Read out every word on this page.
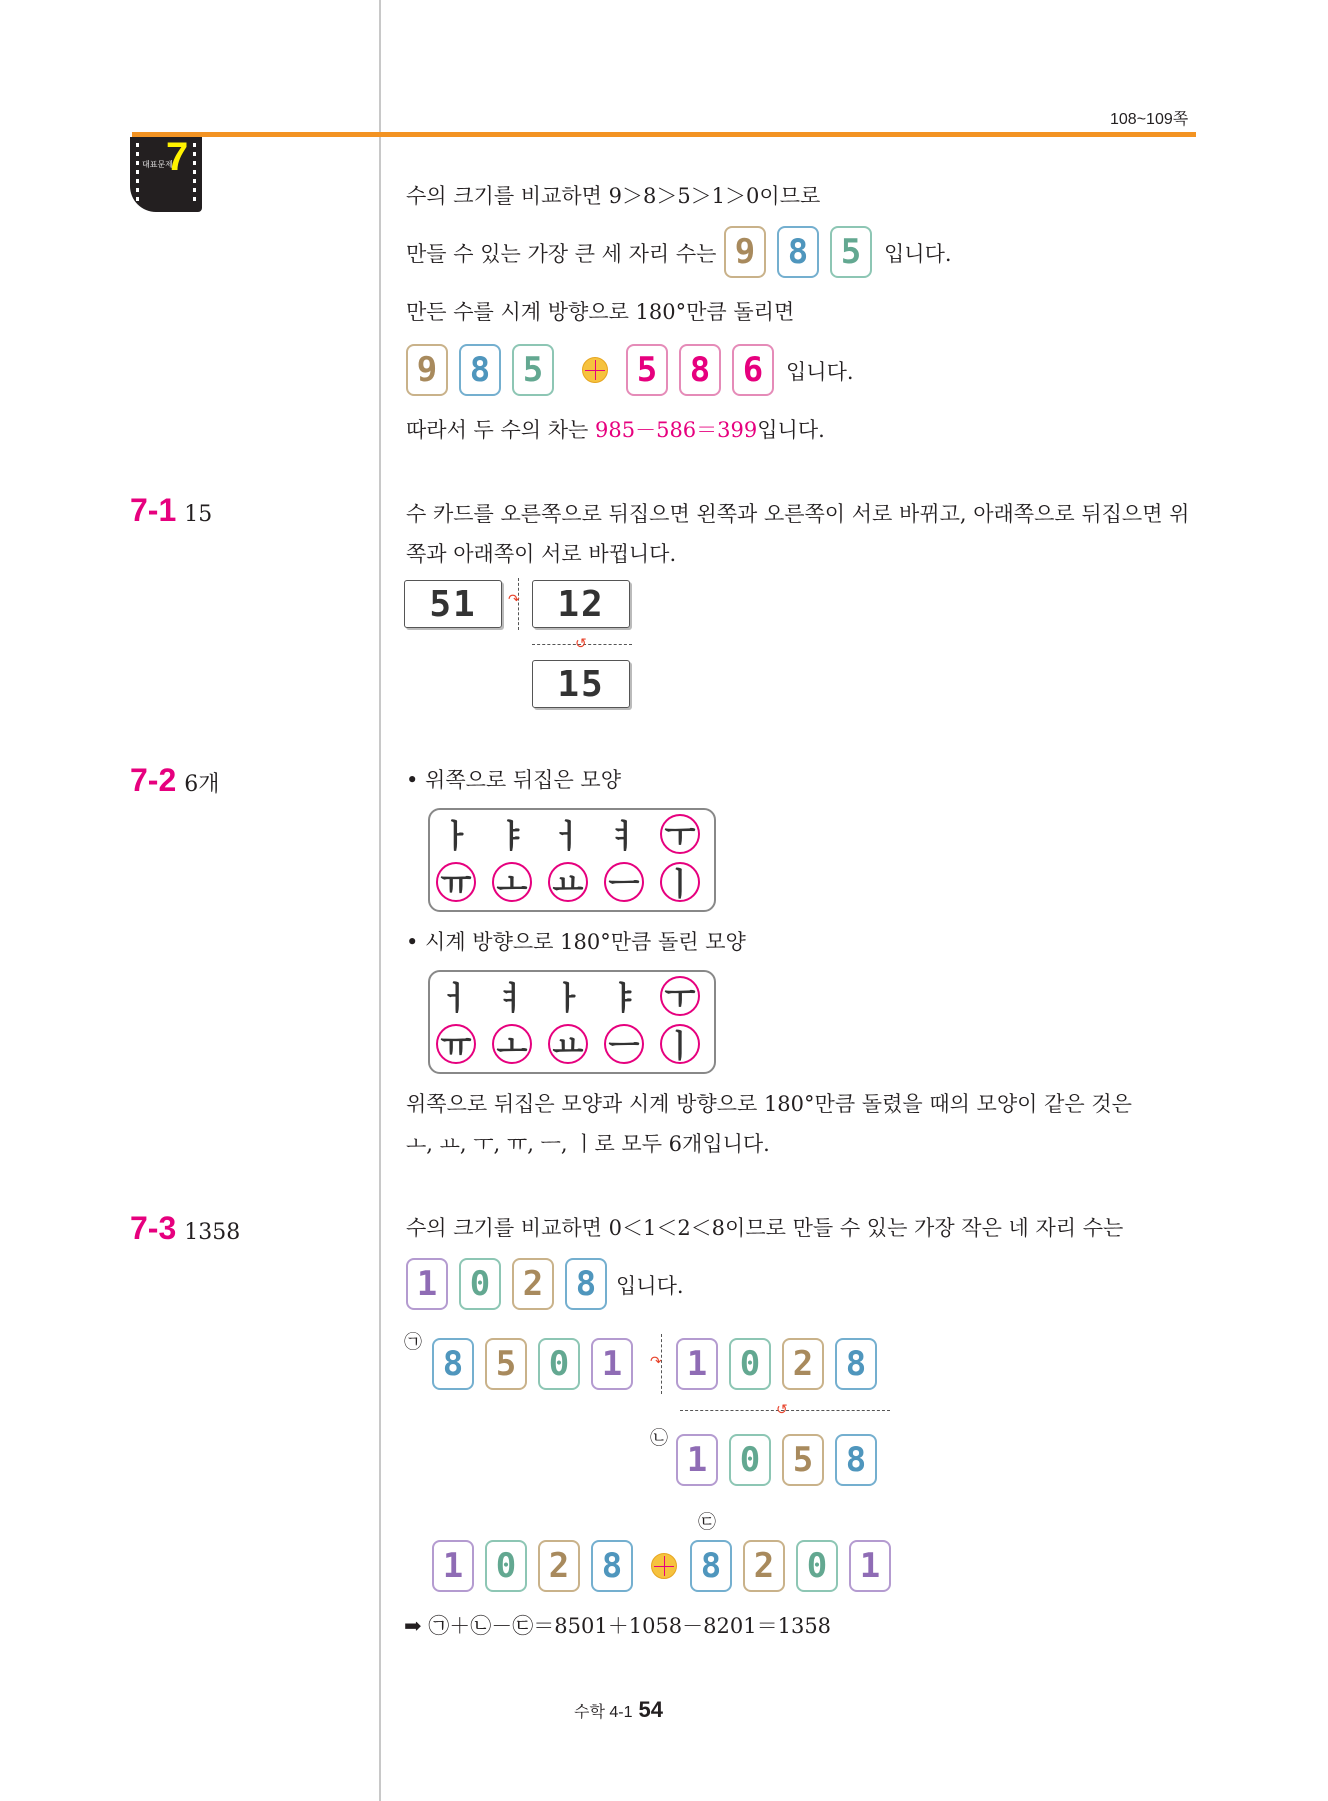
108~109쪽
대표문제
7
수의 크기를 비교하면 9＞8＞5＞1＞0이므로
만들 수 있는 가장 큰 세 자리 수는 9 8 5	입니다.
만든 수를 시계 방향으로 180°만큼 돌리면
9 8 5	5 8 6	입니다.
따라서 두 수의 차는 985－586＝399입니다.
7-1 15	수 카드를 오른쪽으로 뒤집으면 왼쪽과 오른쪽이 서로 바뀌고, 아래쪽으로 뒤집으면 위
쪽과 아래쪽이 서로 바뀝니다.
51	↷	12
↺
15
7-2 6개	• 위쪽으로 뒤집은 모양
ㅏ ㅑ ㅓ ㅕ ㅜ
ㅠ ㅗ ㅛ ㅡ ㅣ
• 시계 방향으로 180°만큼 돌린 모양
ㅓ ㅕ ㅏ ㅑ ㅜ
ㅠ ㅗ ㅛ ㅡ ㅣ
위쪽으로 뒤집은 모양과 시계 방향으로 180°만큼 돌렸을 때의 모양이 같은 것은
ㅗ, ㅛ, ㅜ, ㅠ, ㅡ, ㅣ로 모두 6개입니다.
7-3 1358	수의 크기를 비교하면 0＜1＜2＜8이므로 만들 수 있는 가장 작은 네 자리 수는
1 0 2 8 입니다.
㉠
8 5 0 1	↷ 1 0 2 8
↺
㉡
1 0 5 8
㉢
1 0 2 8	8 2 0 1
➡ ㉠＋㉡－㉢＝8501＋1058－8201＝1358
수학 4-1 54
